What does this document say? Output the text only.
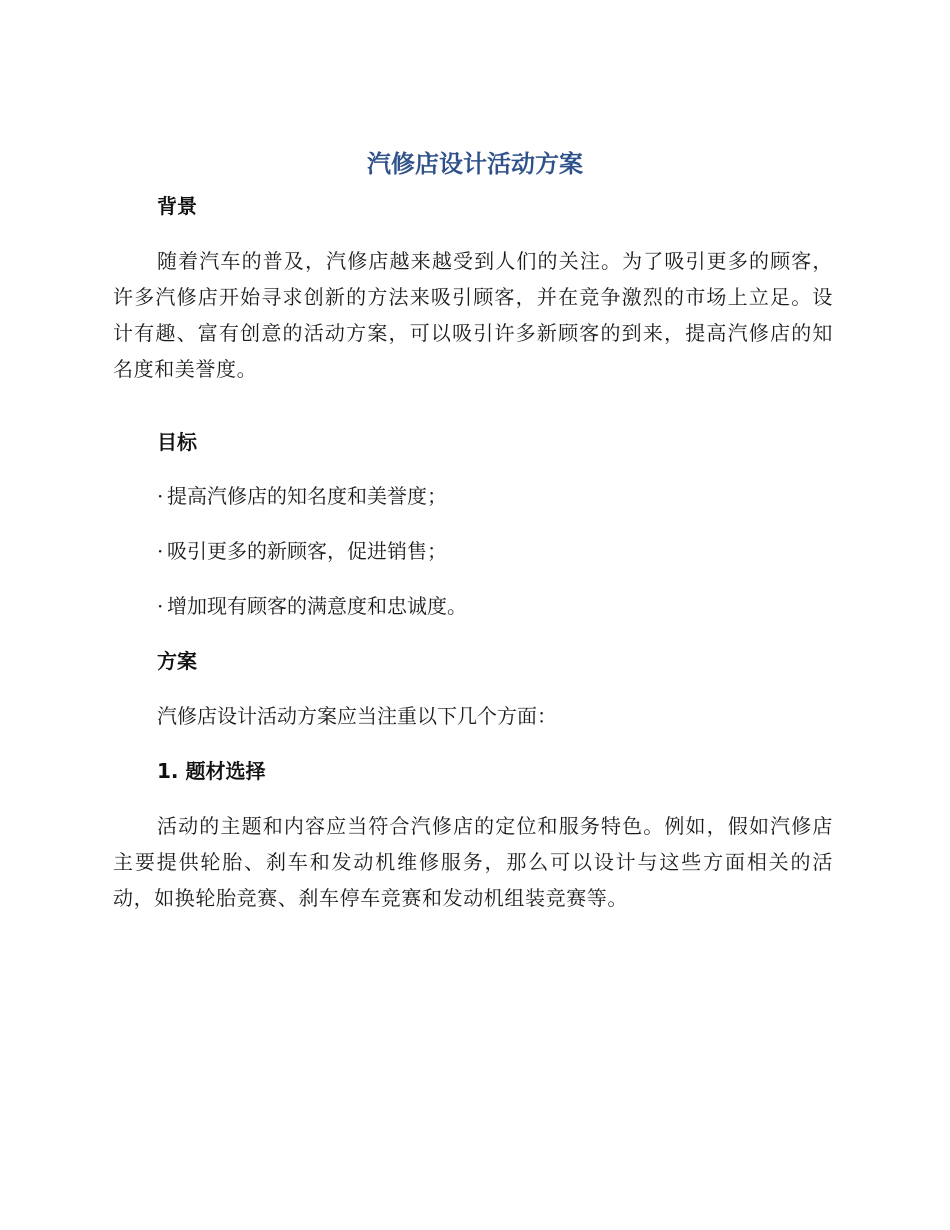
汽修店设计活动方案
背景
随着汽车的普及，汽修店越来越受到人们的关注。为了吸引更多的顾客，许多汽修店开始寻求创新的方法来吸引顾客，并在竞争激烈的市场上立足。设计有趣、富有创意的活动方案，可以吸引许多新顾客的到来，提高汽修店的知名度和美誉度。
目标
· 提高汽修店的知名度和美誉度；
· 吸引更多的新顾客，促进销售；
· 增加现有顾客的满意度和忠诚度。
方案
汽修店设计活动方案应当注重以下几个方面：
1. 题材选择
活动的主题和内容应当符合汽修店的定位和服务特色。例如，假如汽修店主要提供轮胎、刹车和发动机维修服务，那么可以设计与这些方面相关的活动，如换轮胎竞赛、刹车停车竞赛和发动机组装竞赛等。
